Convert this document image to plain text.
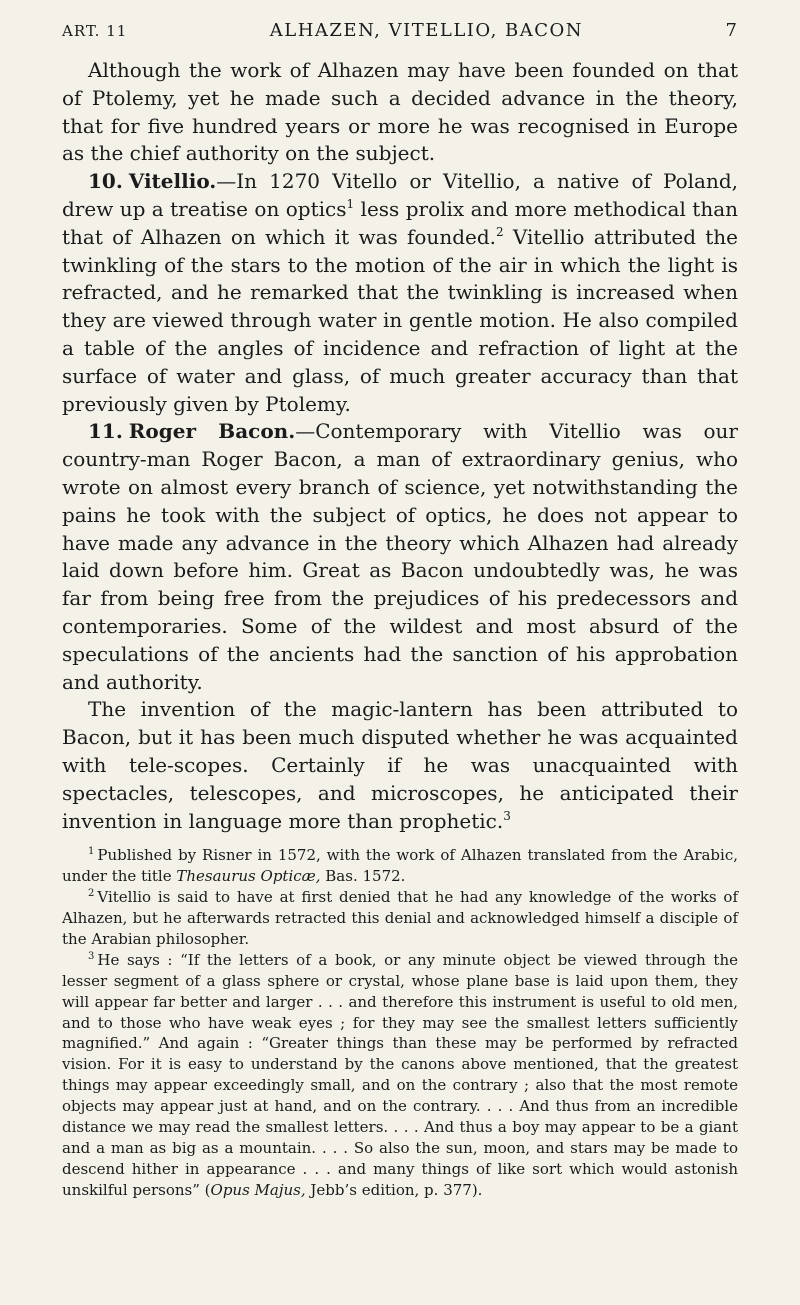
ART. 11	ALHAZEN, VITELLIO, BACON	7

Although the work of Alhazen may have been founded on that of Ptolemy, yet he made such a decided advance in the theory, that for five hundred years or more he was recognised in Europe as the chief authority on the subject.

10. Vitellio.—In 1270 Vitello or Vitellio, a native of Poland, drew up a treatise on optics$^1$ less prolix and more methodical than that of Alhazen on which it was founded.$^2$ Vitellio attributed the twinkling of the stars to the motion of the air in which the light is refracted, and he remarked that the twinkling is increased when they are viewed through water in gentle motion. He also compiled a table of the angles of incidence and refraction of light at the surface of water and glass, of much greater accuracy than that previously given by Ptolemy.

11. Roger Bacon.—Contemporary with Vitellio was our country-man Roger Bacon, a man of extraordinary genius, who wrote on almost every branch of science, yet notwithstanding the pains he took with the subject of optics, he does not appear to have made any advance in the theory which Alhazen had already laid down before him. Great as Bacon undoubtedly was, he was far from being free from the prejudices of his predecessors and contemporaries. Some of the wildest and most absurd of the speculations of the ancients had the sanction of his approbation and authority.

The invention of the magic-lantern has been attributed to Bacon, but it has been much disputed whether he was acquainted with tele-scopes. Certainly if he was unacquainted with spectacles, telescopes, and microscopes, he anticipated their invention in language more than prophetic.$^3$

$^1$ Published by Risner in 1572, with the work of Alhazen translated from the Arabic, under the title Thesaurus Opticæ, Bas. 1572.

$^2$ Vitellio is said to have at first denied that he had any knowledge of the works of Alhazen, but he afterwards retracted this denial and acknowledged himself a disciple of the Arabian philosopher.

$^3$ He says : “If the letters of a book, or any minute object be viewed through the lesser segment of a glass sphere or crystal, whose plane base is laid upon them, they will appear far better and larger . . . and therefore this instrument is useful to old men, and to those who have weak eyes ; for they may see the smallest letters sufficiently magnified.” And again : “Greater things than these may be performed by refracted vision. For it is easy to understand by the canons above mentioned, that the greatest things may appear exceedingly small, and on the contrary ; also that the most remote objects may appear just at hand, and on the contrary. . . . And thus from an incredible distance we may read the smallest letters. . . . And thus a boy may appear to be a giant and a man as big as a mountain. . . . So also the sun, moon, and stars may be made to descend hither in appearance . . . and many things of like sort which would astonish unskilful persons” (Opus Majus, Jebb’s edition, p. 377).
